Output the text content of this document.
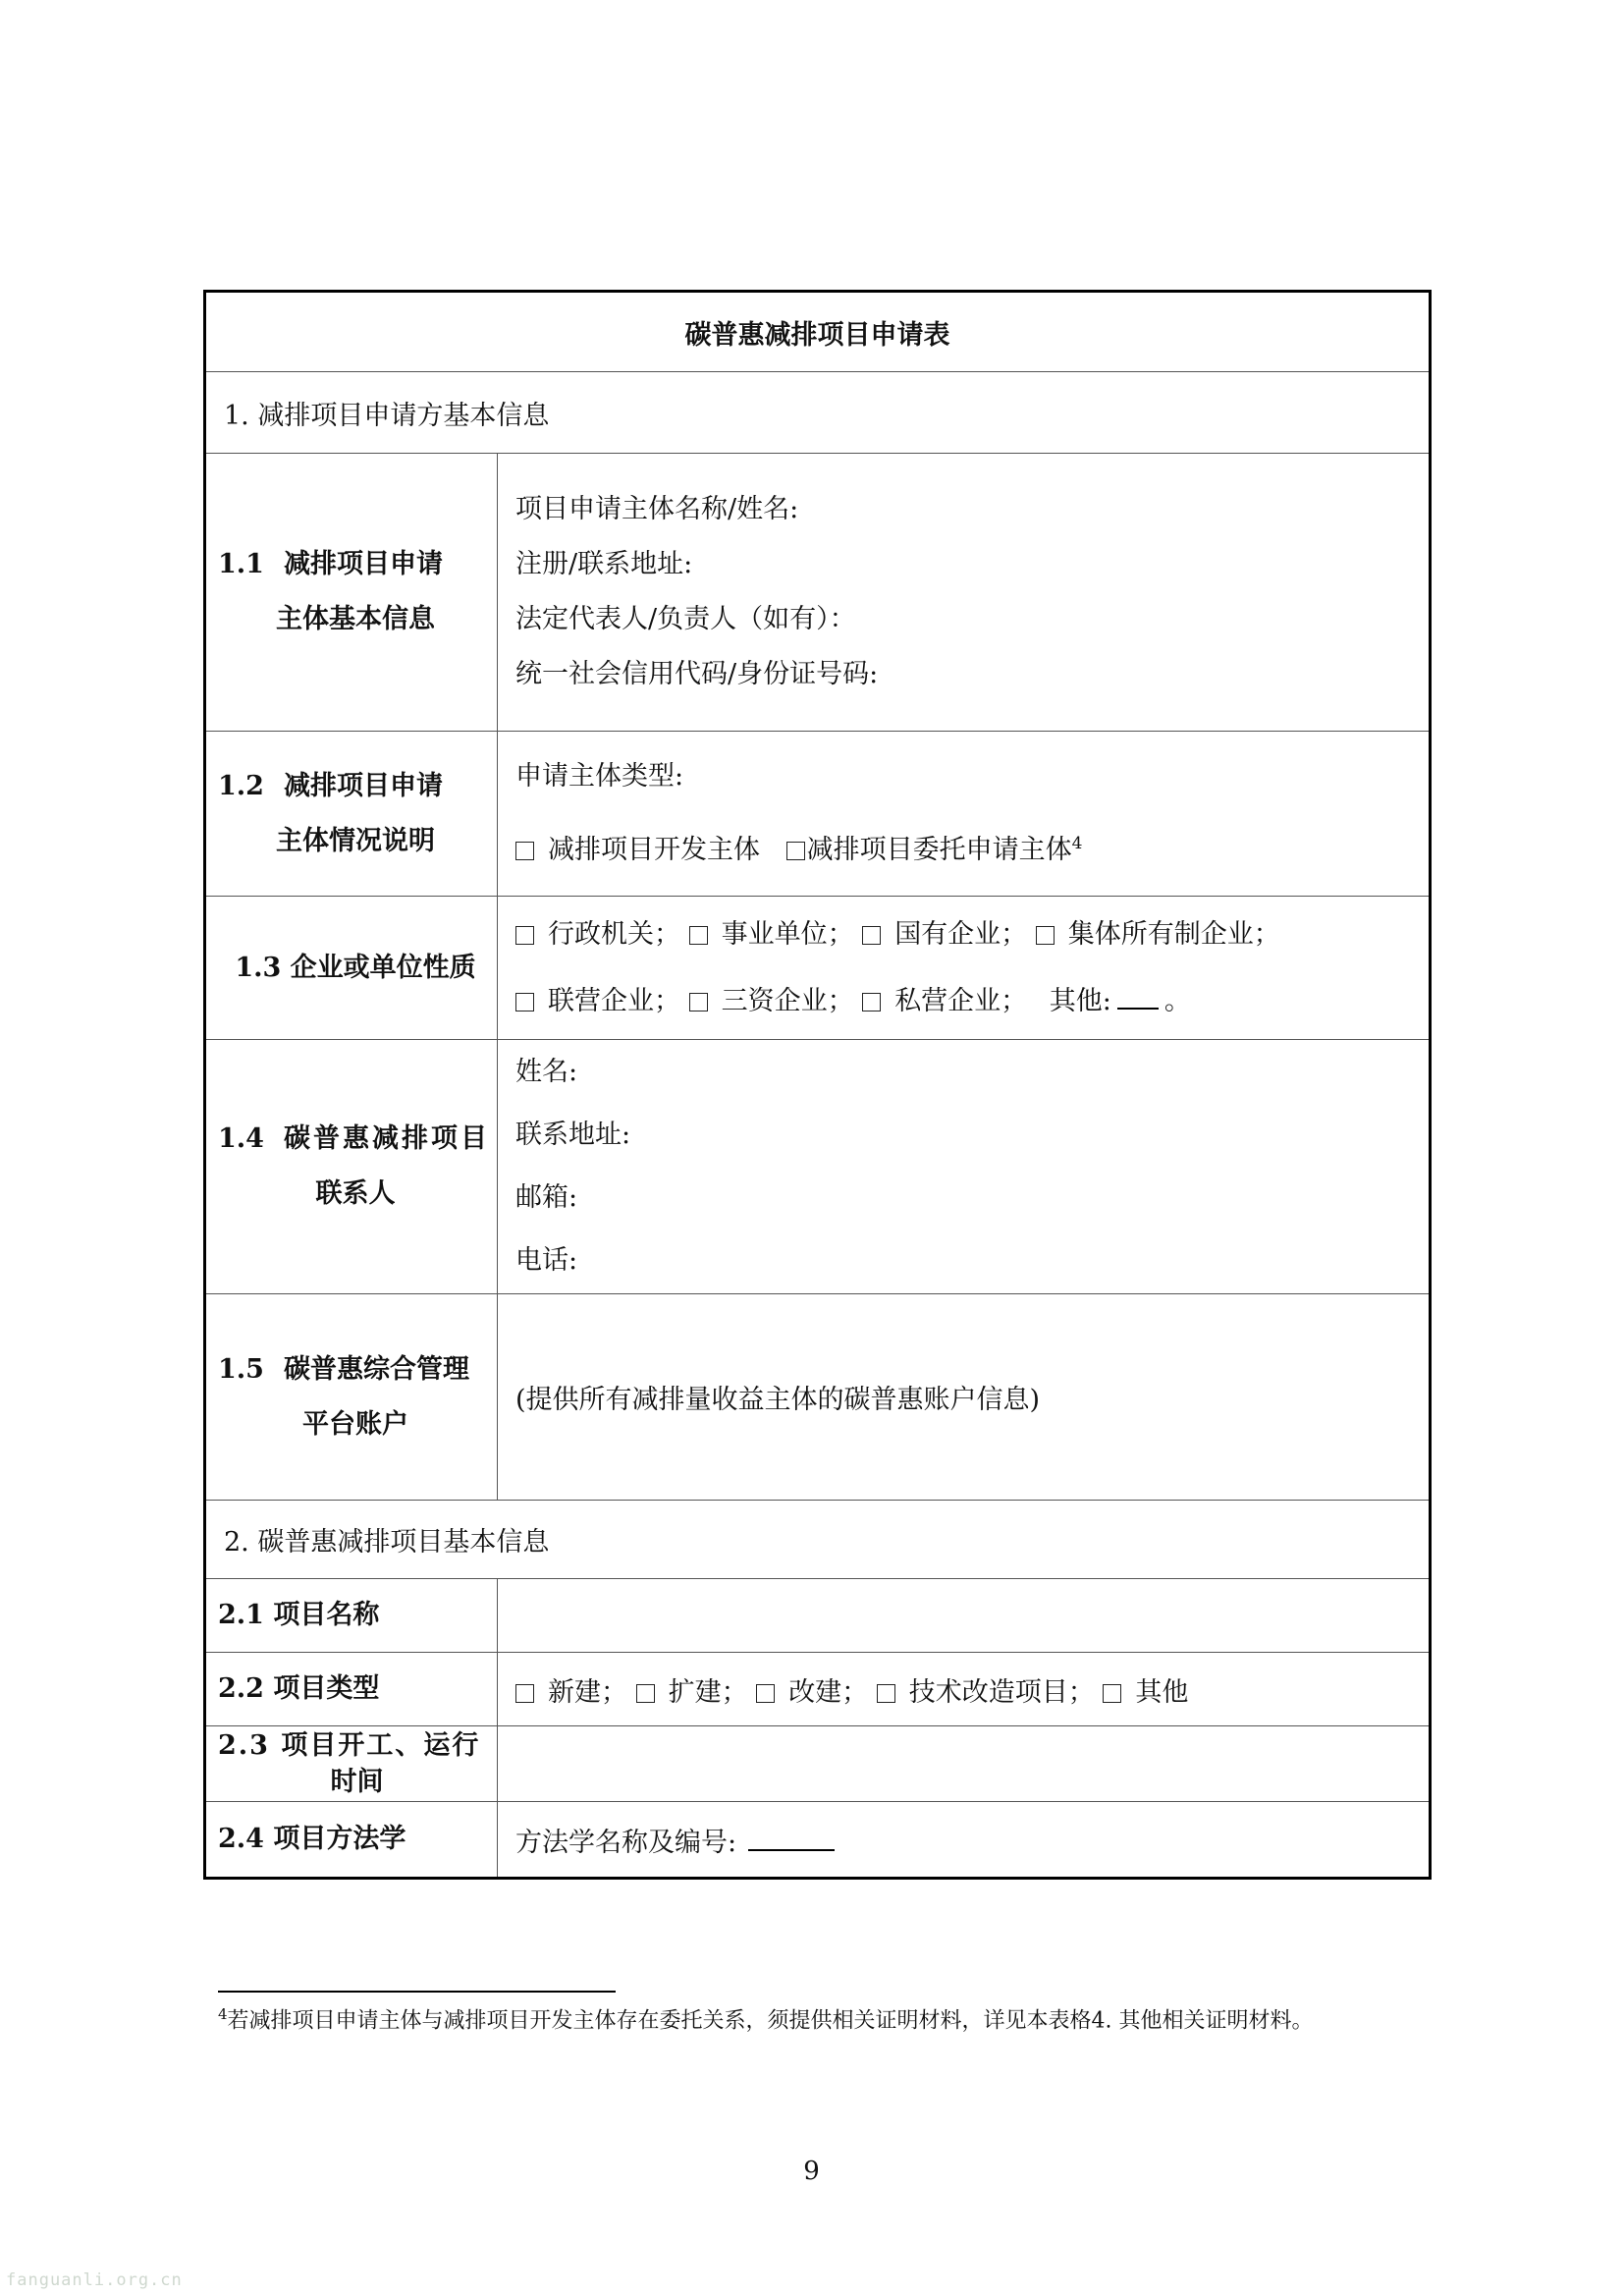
碳普惠减排项目申请表	
1. 减排项目申请方基本信息	
1.1 减排项目申请
主体基本信息	项目申请主体名称/姓名:
注册/联系地址:
法定代表人/负责人（如有）：
统一社会信用代码/身份证号码:

1.2 减排项目申请
主体情况说明	申请主体类型:
减排项目开发主体 减排项目委托申请主体$^4$

1.3 企业或单位性质	行政机关； 事业单位； 国有企业； 集体所有制企业；
联营企业； 三资企业； 私营企业； 其他: 。

1.4 碳普惠减排项目
联系人	姓名:
联系地址:
邮箱:
电话:

1.5 碳普惠综合管理
平台账户	(提供所有减排量收益主体的碳普惠账户信息)
2. 碳普惠减排项目基本信息	
2.1 项目名称	
2.2 项目类型	新建； 扩建； 改建； 技术改造项目； 其他

2.3 项目开工、运行
时间	

2.4 项目方法学	方法学名称及编号:
$^4$若减排项目申请主体与减排项目开发主体存在委托关系，须提供相关证明材料，详见本表格4. 其他相关证明材料。
9
fanguanli.org.cn
